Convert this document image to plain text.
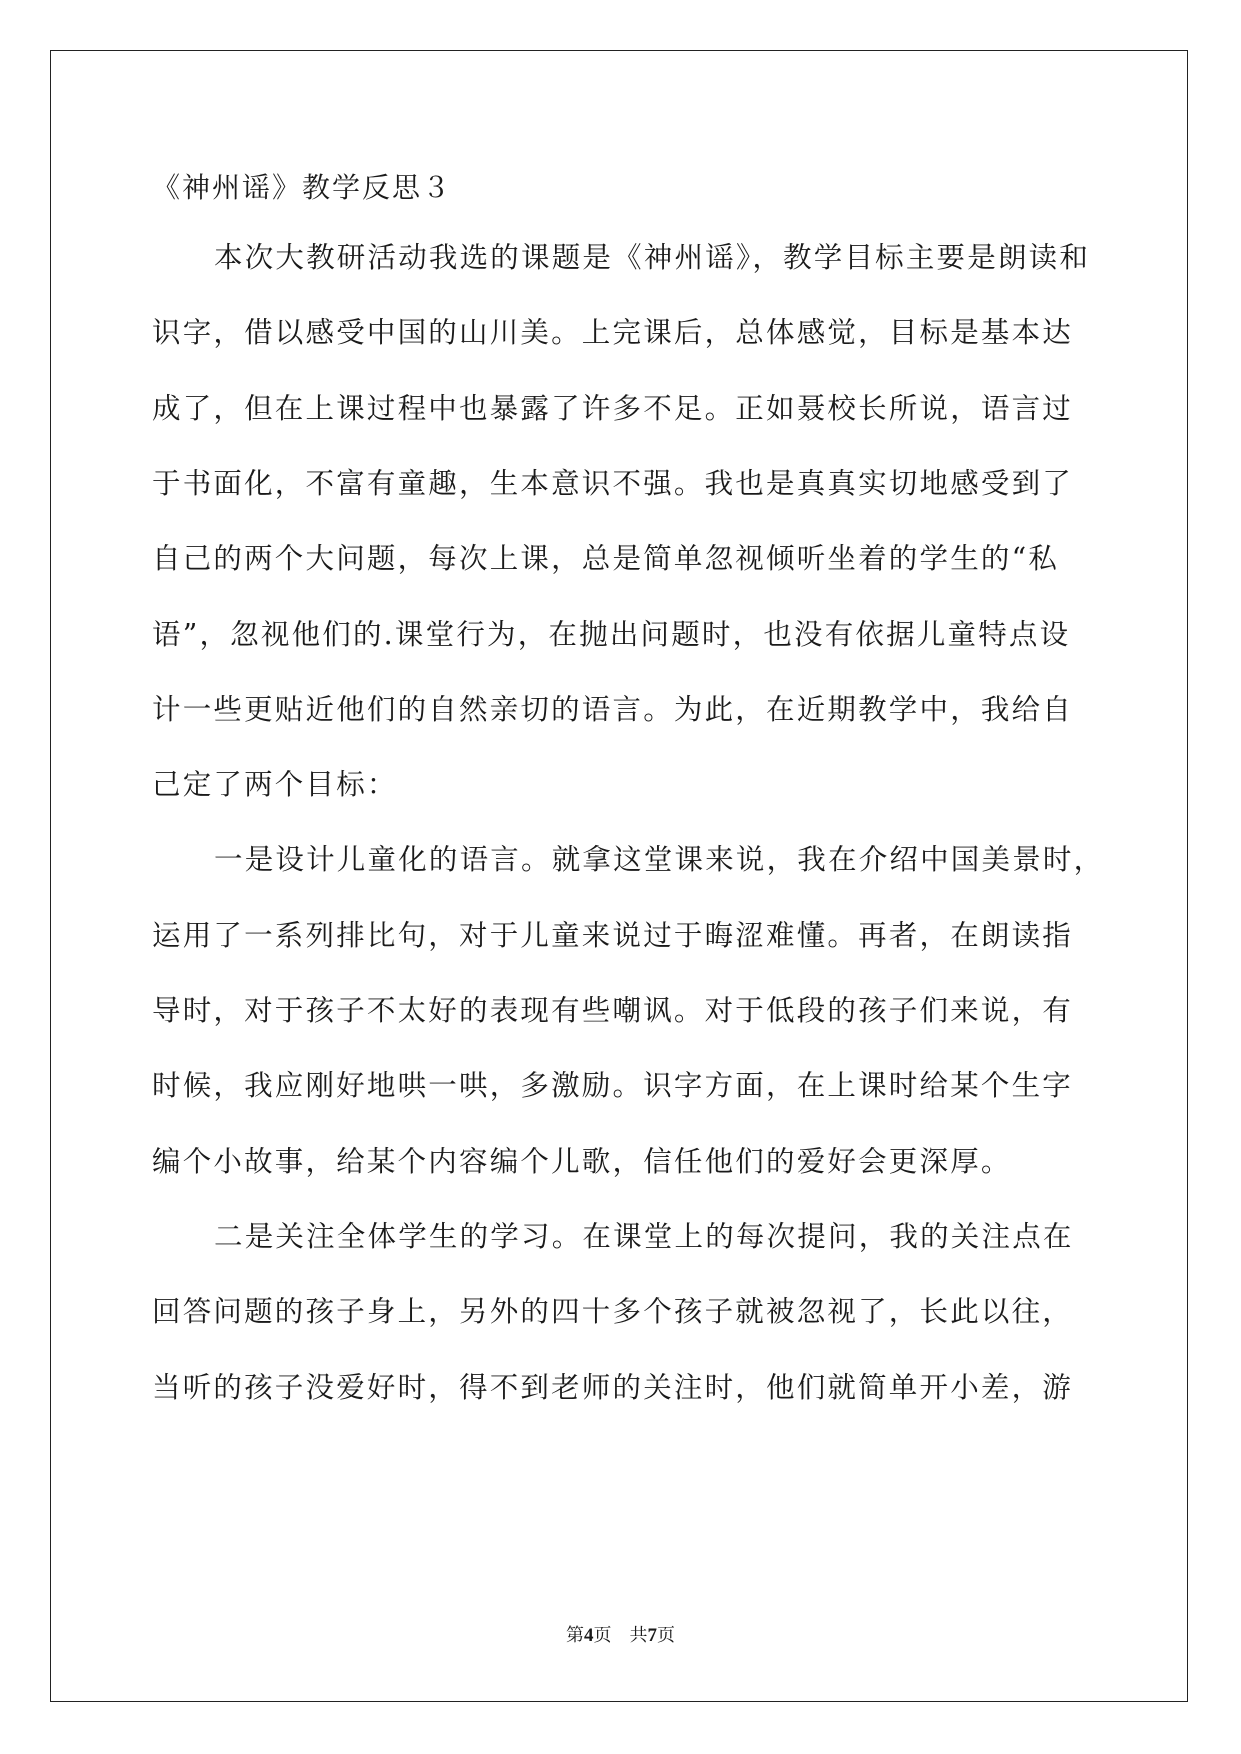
《神州谣》教学反思３
本次大教研活动我选的课题是《神州谣》，教学目标主要是朗读和
识字，借以感受中国的山川美。上完课后，总体感觉，目标是基本达
成了，但在上课过程中也暴露了许多不足。正如聂校长所说，语言过
于书面化，不富有童趣，生本意识不强。我也是真真实切地感受到了
自己的两个大问题，每次上课，总是简单忽视倾听坐着的学生的“私
语”，忽视他们的.课堂行为，在抛出问题时，也没有依据儿童特点设
计一些更贴近他们的自然亲切的语言。为此，在近期教学中，我给自
己定了两个目标：
一是设计儿童化的语言。就拿这堂课来说，我在介绍中国美景时，
运用了一系列排比句，对于儿童来说过于晦涩难懂。再者，在朗读指
导时，对于孩子不太好的表现有些嘲讽。对于低段的孩子们来说，有
时候，我应刚好地哄一哄，多激励。识字方面，在上课时给某个生字
编个小故事，给某个内容编个儿歌，信任他们的爱好会更深厚。
二是关注全体学生的学习。在课堂上的每次提问，我的关注点在
回答问题的孩子身上，另外的四十多个孩子就被忽视了，长此以往，
当听的孩子没爱好时，得不到老师的关注时，他们就简单开小差，游
第4页　共7页
